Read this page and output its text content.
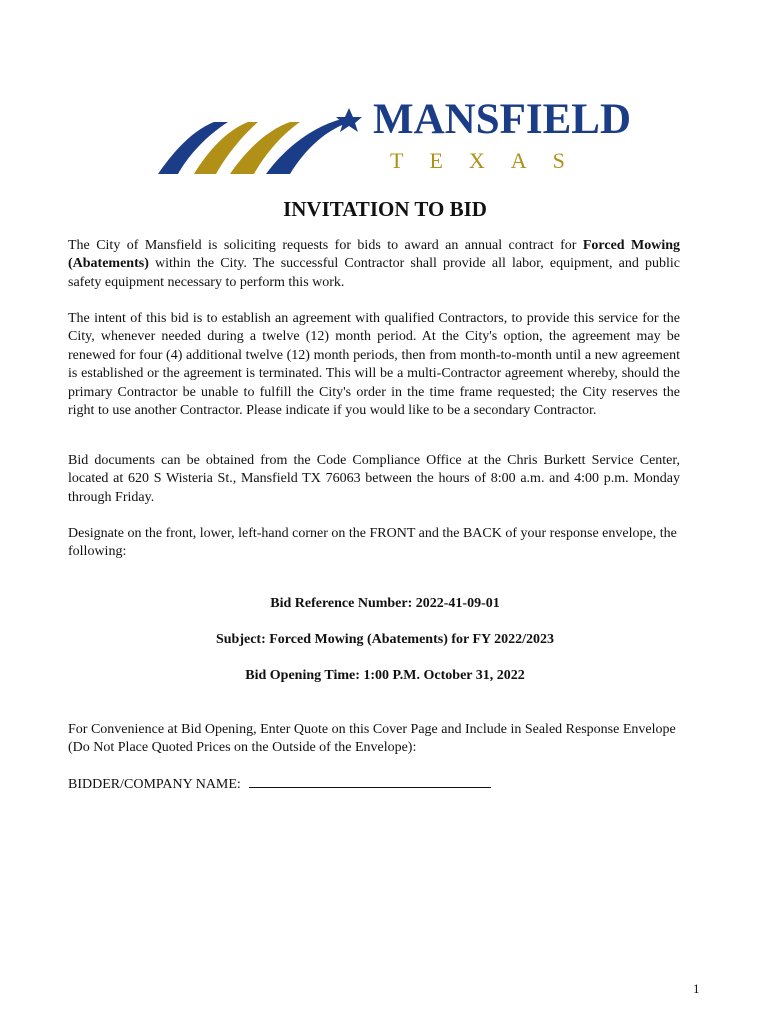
MANSFIELD
TEXAS
INVITATION TO BID

The City of Mansfield is soliciting requests for bids to award an annual contract for Forced Mowing (Abatements) within the City. The successful Contractor shall provide all labor, equipment, and public safety equipment necessary to perform this work.

The intent of this bid is to establish an agreement with qualified Contractors, to provide this service for the City, whenever needed during a twelve (12) month period. At the City's option, the agreement may be renewed for four (4) additional twelve (12) month periods, then from month-to-month until a new agreement is established or the agreement is terminated. This will be a multi-Contractor agreement whereby, should the primary Contractor be unable to fulfill the City's order in the time frame requested; the City reserves the right to use another Contractor. Please indicate if you would like to be a secondary Contractor.

Bid documents can be obtained from the Code Compliance Office at the Chris Burkett Service Center, located at 620 S Wisteria St., Mansfield TX 76063 between the hours of 8:00 a.m. and 4:00 p.m. Monday through Friday.

Designate on the front, lower, left-hand corner on the FRONT and the BACK of your response envelope, the following:

Bid Reference Number: 2022-41-09-01
Subject: Forced Mowing (Abatements) for FY 2022/2023
Bid Opening Time: 1:00 P.M. October 31, 2022

For Convenience at Bid Opening, Enter Quote on this Cover Page and Include in Sealed Response Envelope (Do Not Place Quoted Prices on the Outside of the Envelope):

BIDDER/COMPANY NAME:
1
